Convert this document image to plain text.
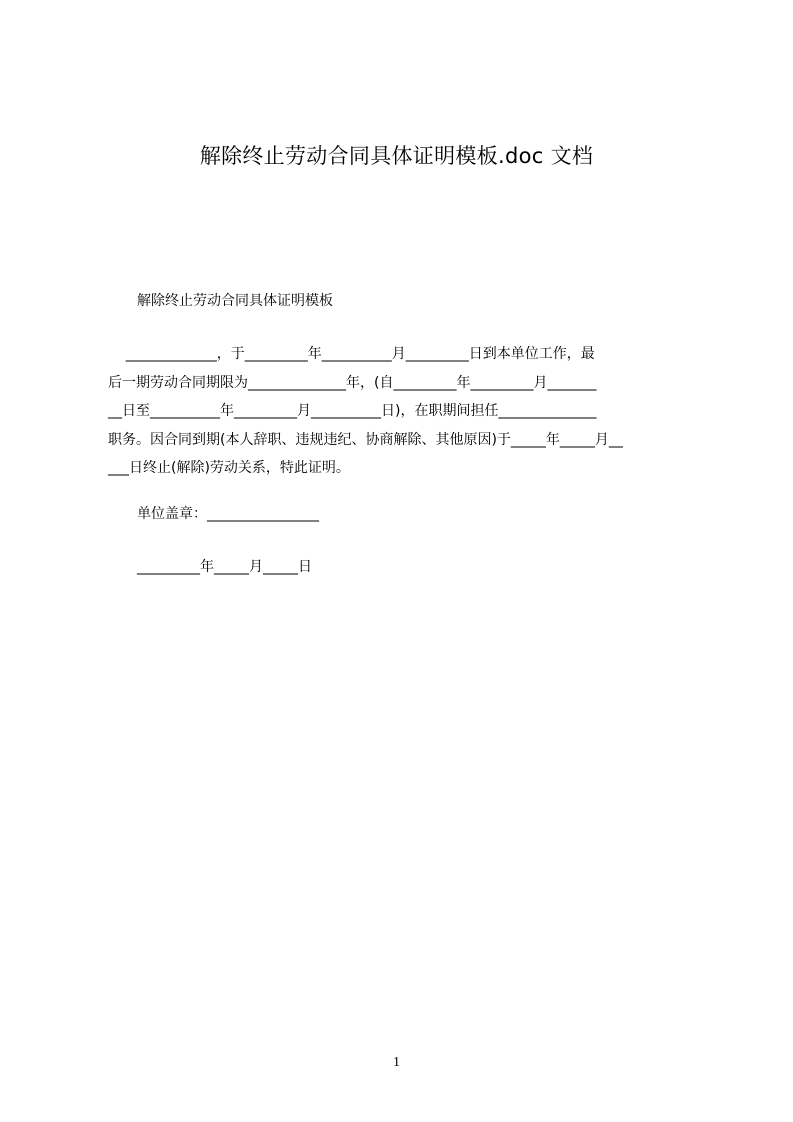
解除终止劳动合同具体证明模板.doc 文档
解除终止劳动合同具体证明模板
_____________，于_________年__________月_________日到本单位工作，最
后一期劳动合同期限为______________年，(自_________年_________月_______
__日至__________年_________月__________日)，在职期间担任______________
职务。因合同到期(本人辞职、违规违纪、协商解除、其他原因)于_____年_____月__
___日终止(解除)劳动关系，特此证明。
单位盖章：________________
_________年_____月_____日
1
